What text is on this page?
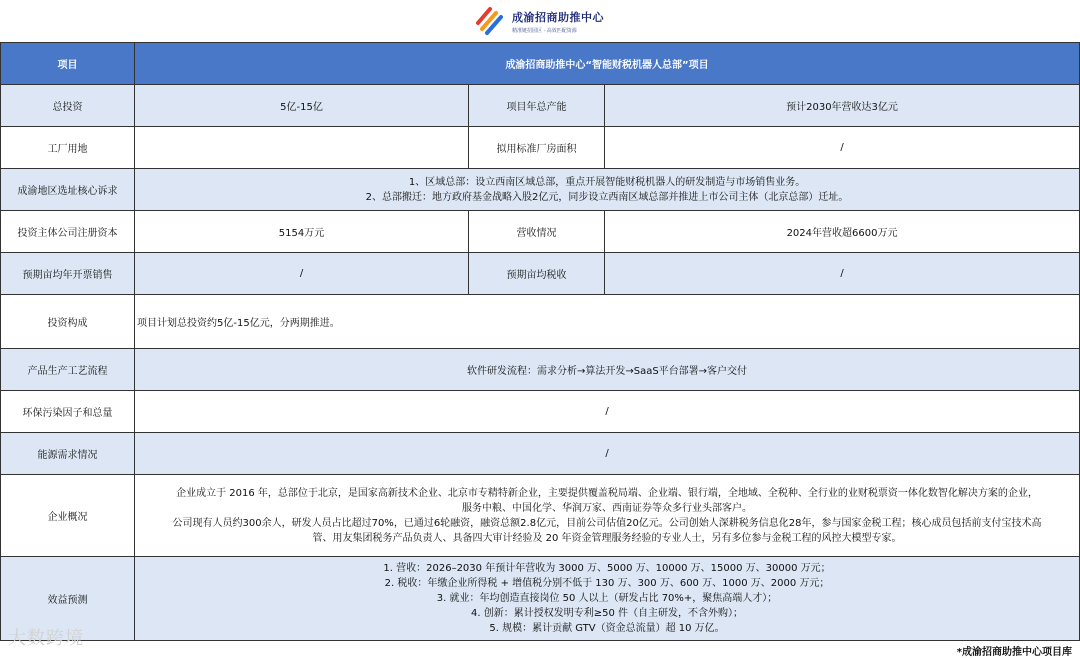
成渝招商助推中心
精准链招园区 · 高效匹配资源
项目	成渝招商助推中心“智能财税机器人总部”项目		
总投资	5亿-15亿	项目年总产能	预计2030年营收达3亿元
工厂用地		拟用标准厂房面积	/
成渝地区选址核心诉求	1、区域总部：设立西南区域总部，重点开展智能财税机器人的研发制造与市场销售业务。
2、总部搬迁：地方政府基金战略入股2亿元，同步设立西南区域总部并推进上市公司主体（北京总部）迁址。		

投资主体公司注册资本	5154万元	营收情况	2024年营收超6600万元
预期亩均年开票销售	/	预期亩均税收	/
投资构成	项目计划总投资约5亿-15亿元，分两期推进。		
产品生产工艺流程	软件研发流程：需求分析→算法开发→SaaS平台部署→客户交付		
环保污染因子和总量	/		
能源需求情况	/		
企业概况	企业成立于 2016 年，总部位于北京，是国家高新技术企业、北京市专精特新企业，主要提供覆盖税局端、企业端、银行端，全地域、全税种、全行业的业财税票资一体化数智化解决方案的企业，
服务中粮、中国化学、华润万家、西南证券等众多行业头部客户。
公司现有人员约300余人，研发人员占比超过70%，已通过6轮融资，融资总额2.8亿元，目前公司估值20亿元。公司创始人深耕税务信息化28年，参与国家金税工程；核心成员包括前支付宝技术高
管、用友集团税务产品负责人、具备四大审计经验及 20 年资金管理服务经验的专业人士，另有多位参与金税工程的风控大模型专家。		

效益预测	1. 营收：2026–2030 年预计年营收为 3000 万、5000 万、10000 万、15000 万、30000 万元；
2. 税收：年缴企业所得税 + 增值税分别不低于 130 万、300 万、600 万、1000 万、2000 万元；
3. 就业：年均创造直接岗位 50 人以上（研发占比 70%+，聚焦高端人才）；
4. 创新：累计授权发明专利≥50 件（自主研发，不含外购）；
5. 规模：累计贡献 GTV（资金总流量）超 10 万亿。		
大数跨境
*成渝招商助推中心项目库
